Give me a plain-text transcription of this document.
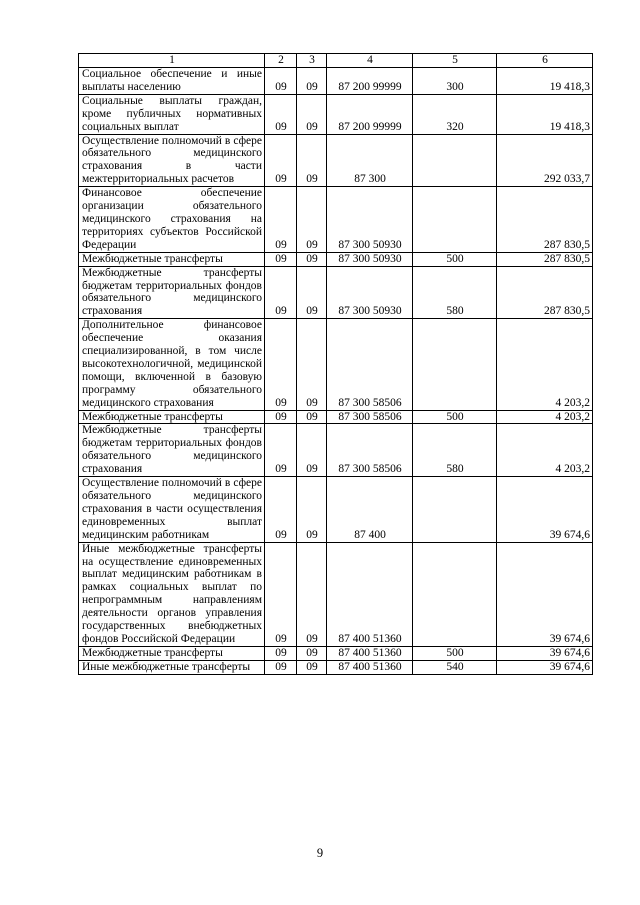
1	2	3	4	5	6
Социальное обеспечение и иные выплаты населению	09	09	87 200 99999	300	19 418,3
Социальные выплаты граждан, кроме публичных нормативных социальных выплат	09	09	87 200 99999	320	19 418,3
Осуществление полномочий в сфере обязательного медицинского страхования в части межтерриториальных расчетов	09	09	87 300		292 033,7
Финансовое обеспечение организации обязательного медицинского страхования на территориях субъектов Российской Федерации	09	09	87 300 50930		287 830,5
Межбюджетные трансферты	09	09	87 300 50930	500	287 830,5
Межбюджетные трансферты бюджетам территориальных фондов обязательного медицинского страхования	09	09	87 300 50930	580	287 830,5
Дополнительное финансовое обеспечение оказания специализированной, в том числе высокотехнологичной, медицинской помощи, включенной в базовую программу обязательного медицинского страхования	09	09	87 300 58506		4 203,2
Межбюджетные трансферты	09	09	87 300 58506	500	4 203,2
Межбюджетные трансферты бюджетам территориальных фондов обязательного медицинского страхования	09	09	87 300 58506	580	4 203,2
Осуществление полномочий в сфере обязательного медицинского страхования в части осуществления единовременных выплат медицинским работникам	09	09	87 400		39 674,6
Иные межбюджетные трансферты на осуществление единовременных выплат медицинским работникам в рамках социальных выплат по непрограммным направлениям деятельности органов управления государственных внебюджетных фондов Российской Федерации	09	09	87 400 51360		39 674,6
Межбюджетные трансферты	09	09	87 400 51360	500	39 674,6
Иные межбюджетные трансферты	09	09	87 400 51360	540	39 674,6
9
